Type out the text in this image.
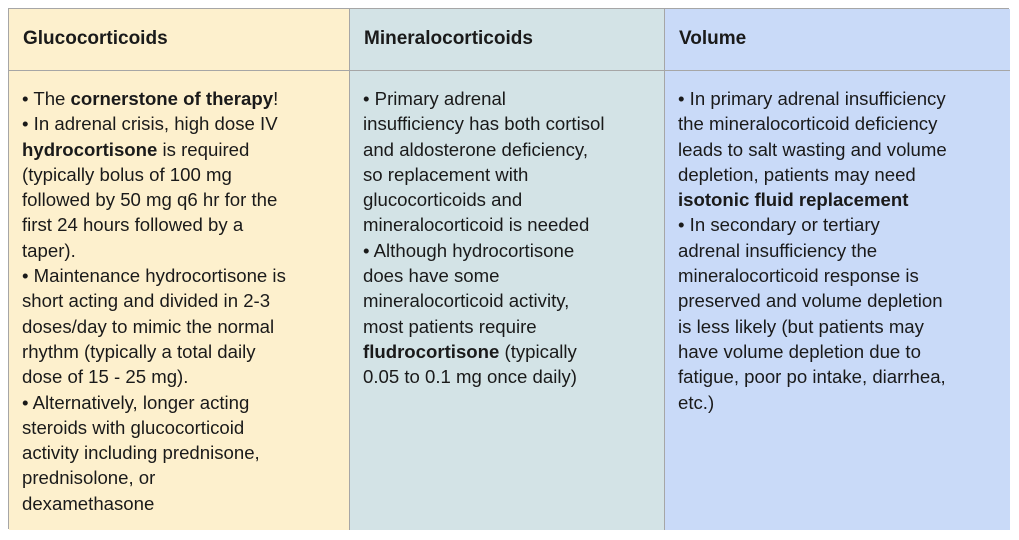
Glucocorticoids	Mineralocorticoids	Volume
• The cornerstone of therapy!
• In adrenal crisis, high dose IV
hydrocortisone is required
(typically bolus of 100 mg
followed by 50 mg q6 hr for the
first 24 hours followed by a
taper).
• Maintenance hydrocortisone is
short acting and divided in 2-3
doses/day to mimic the normal
rhythm (typically a total daily
dose of 15 - 25 mg).
• Alternatively, longer acting
steroids with glucocorticoid
activity including prednisone,
prednisolone, or
dexamethasone
• Primary adrenal
insufficiency has both cortisol
and aldosterone deficiency,
so replacement with
glucocorticoids and
mineralocorticoid is needed
• Although hydrocortisone
does have some
mineralocorticoid activity,
most patients require
fludrocortisone (typically
0.05 to 0.1 mg once daily)
• In primary adrenal insufficiency
the mineralocorticoid deficiency
leads to salt wasting and volume
depletion, patients may need
isotonic fluid replacement
• In secondary or tertiary
adrenal insufficiency the
mineralocorticoid response is
preserved and volume depletion
is less likely (but patients may
have volume depletion due to
fatigue, poor po intake, diarrhea,
etc.)
